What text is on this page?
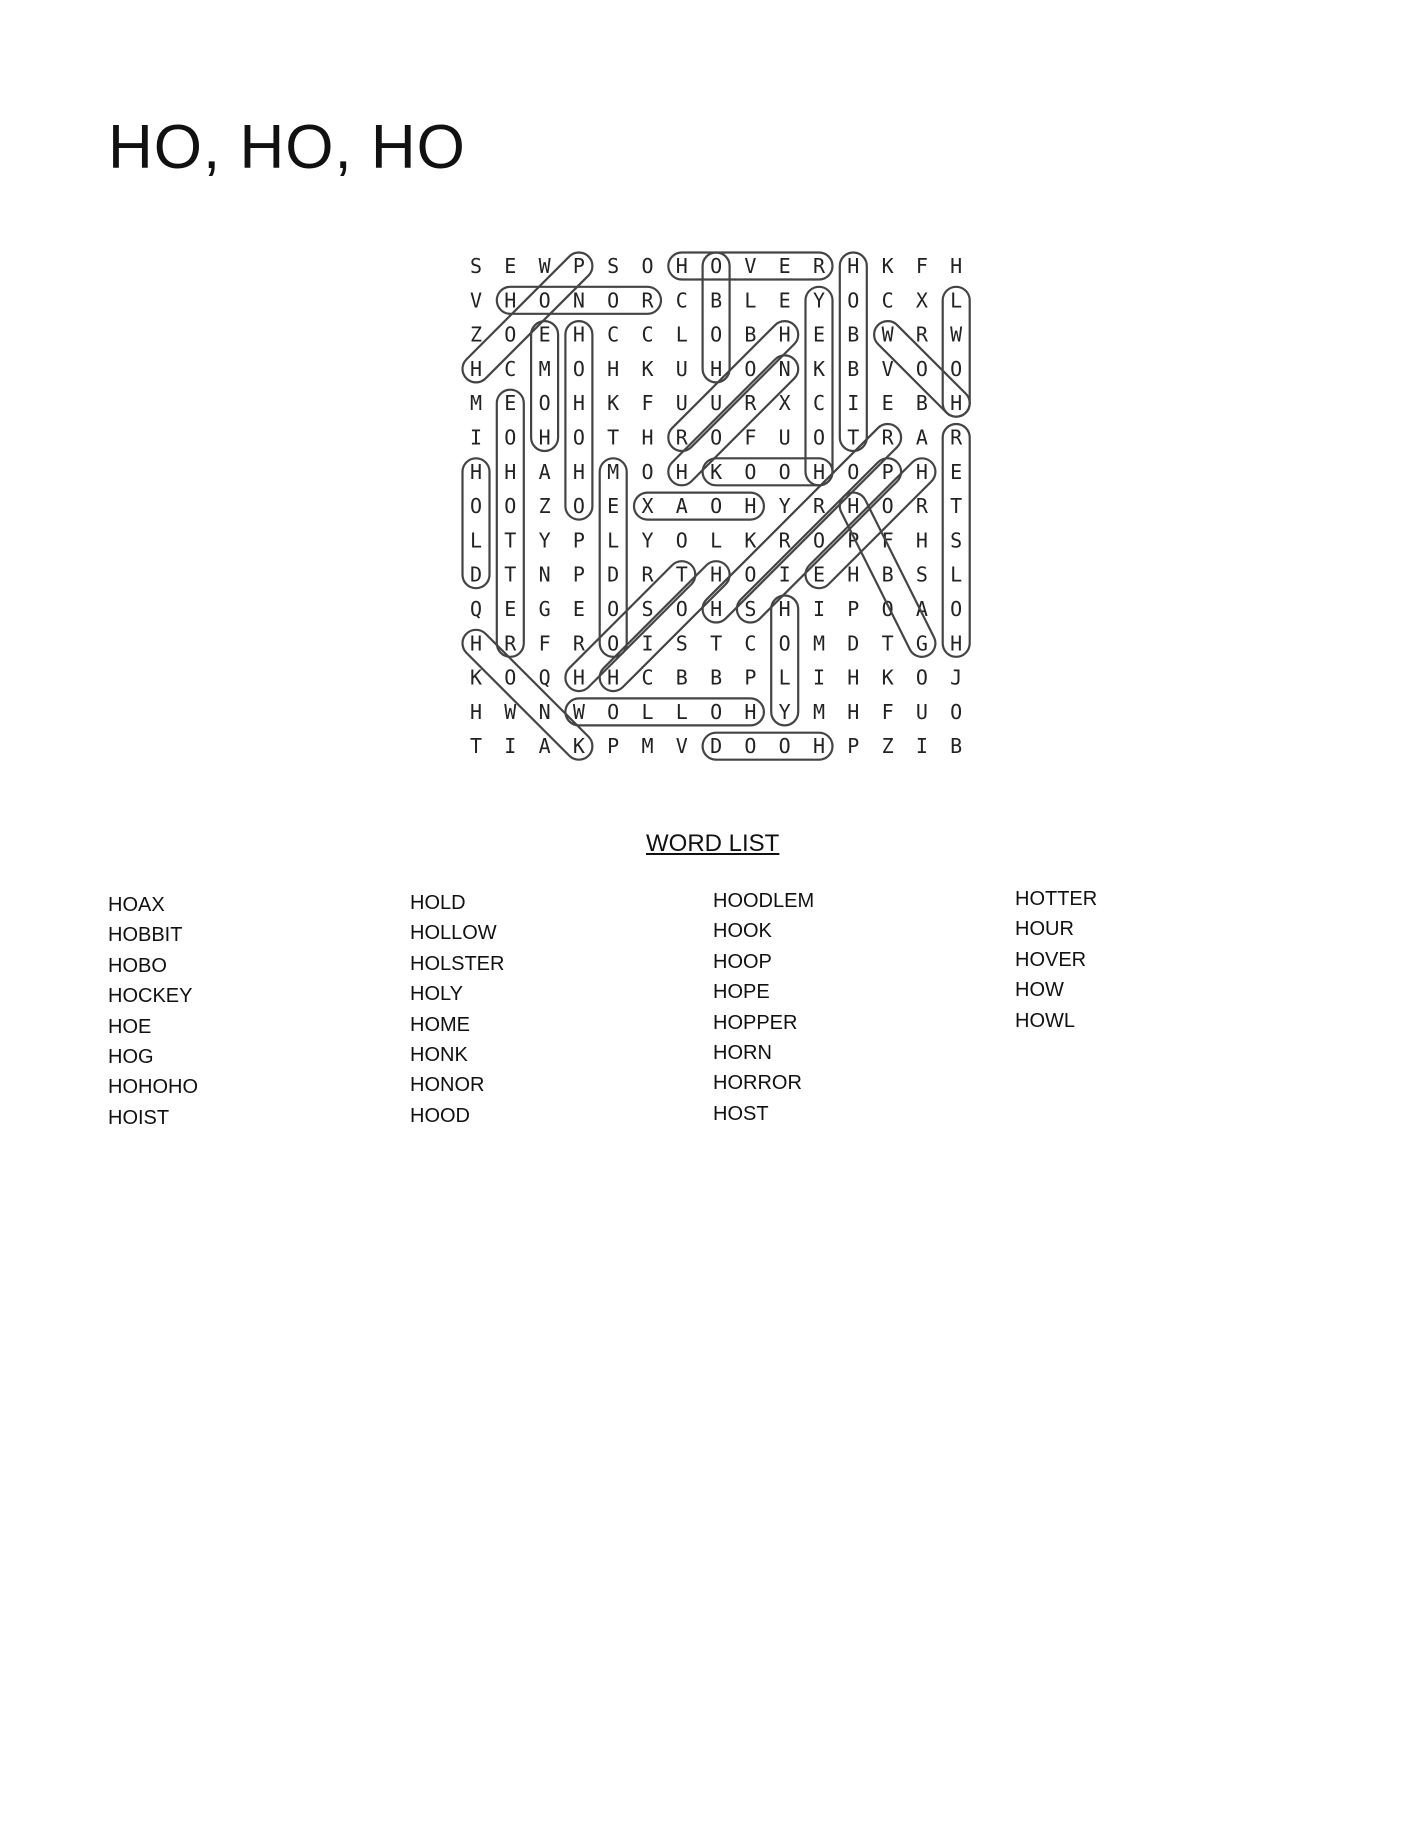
HO, HO, HO
S E W P S O H O V E R H K F H
V H O N O R C B L E Y O C X L
Z O E H C C L O B H E B W R W
H C M O H K U H O N K B V O O
M E O H K F U U R X C I E B H
I O H O T H R O F U O T R A R
H H A H M O H K O O H O P H E
O O Z O E X A O H Y R H O R T
L T Y P L Y O L K R O P F H S
D T N P D R T H O I E H B S L
Q E G E O S O H S H I P O A O
H R F R O I S T C O M D T G H
K O Q H H C B B P L I H K O J
H W N W O L L O H Y M H F U O
T I A K P M V D O O H P Z I B
WORD LIST
HOAX
HOBBIT
HOBO
HOCKEY
HOE
HOG
HOHOHO
HOIST
HOLD
HOLLOW
HOLSTER
HOLY
HOME
HONK
HONOR
HOOD
HOODLEM
HOOK
HOOP
HOPE
HOPPER
HORN
HORROR
HOST
HOTTER
HOUR
HOVER
HOW
HOWL
